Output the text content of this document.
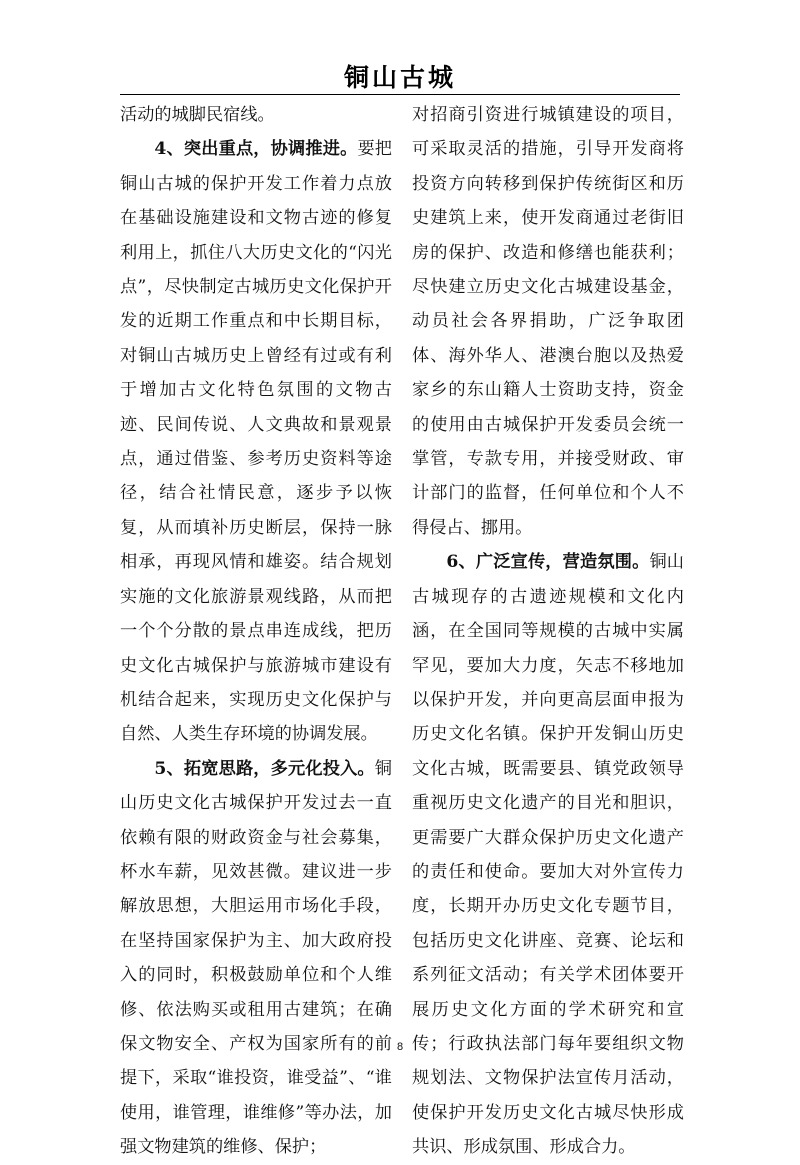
铜山古城

活动的城脚民宿线。

4、突出重点，协调推进。要把铜山古城的保护开发工作着力点放在基础设施建设和文物古迹的修复利用上，抓住八大历史文化的“闪光点”，尽快制定古城历史文化保护开发的近期工作重点和中长期目标，对铜山古城历史上曾经有过或有利于增加古文化特色氛围的文物古迹、民间传说、人文典故和景观景点，通过借鉴、参考历史资料等途径，结合社情民意，逐步予以恢复，从而填补历史断层，保持一脉相承，再现风情和雄姿。结合规划实施的文化旅游景观线路，从而把一个个分散的景点串连成线，把历史文化古城保护与旅游城市建设有机结合起来，实现历史文化保护与自然、人类生存环境的协调发展。

5、拓宽思路，多元化投入。铜山历史文化古城保护开发过去一直依赖有限的财政资金与社会募集，杯水车薪，见效甚微。建议进一步解放思想，大胆运用市场化手段，在坚持国家保护为主、加大政府投入的同时，积极鼓励单位和个人维修、依法购买或租用古建筑；在确保文物安全、产权为国家所有的前提下，采取“谁投资，谁受益”、“谁使用，谁管理，谁维修”等办法，加强文物建筑的维修、保护；

对招商引资进行城镇建设的项目，可采取灵活的措施，引导开发商将投资方向转移到保护传统街区和历史建筑上来，使开发商通过老街旧房的保护、改造和修缮也能获利；尽快建立历史文化古城建设基金，动员社会各界捐助，广泛争取团体、海外华人、港澳台胞以及热爱家乡的东山籍人士资助支持，资金的使用由古城保护开发委员会统一掌管，专款专用，并接受财政、审计部门的监督，任何单位和个人不得侵占、挪用。

6、广泛宣传，营造氛围。铜山古城现存的古遗迹规模和文化内涵，在全国同等规模的古城中实属罕见，要加大力度，矢志不移地加以保护开发，并向更高层面申报为历史文化名镇。保护开发铜山历史文化古城，既需要县、镇党政领导重视历史文化遗产的目光和胆识，更需要广大群众保护历史文化遗产的责任和使命。要加大对外宣传力度，长期开办历史文化专题节目，包括历史文化讲座、竞赛、论坛和系列征文活动；有关学术团体要开展历史文化方面的学术研究和宣传；行政执法部门每年要组织文物规划法、文物保护法宣传月活动，使保护开发历史文化古城尽快形成共识、形成氛围、形成合力。

8
